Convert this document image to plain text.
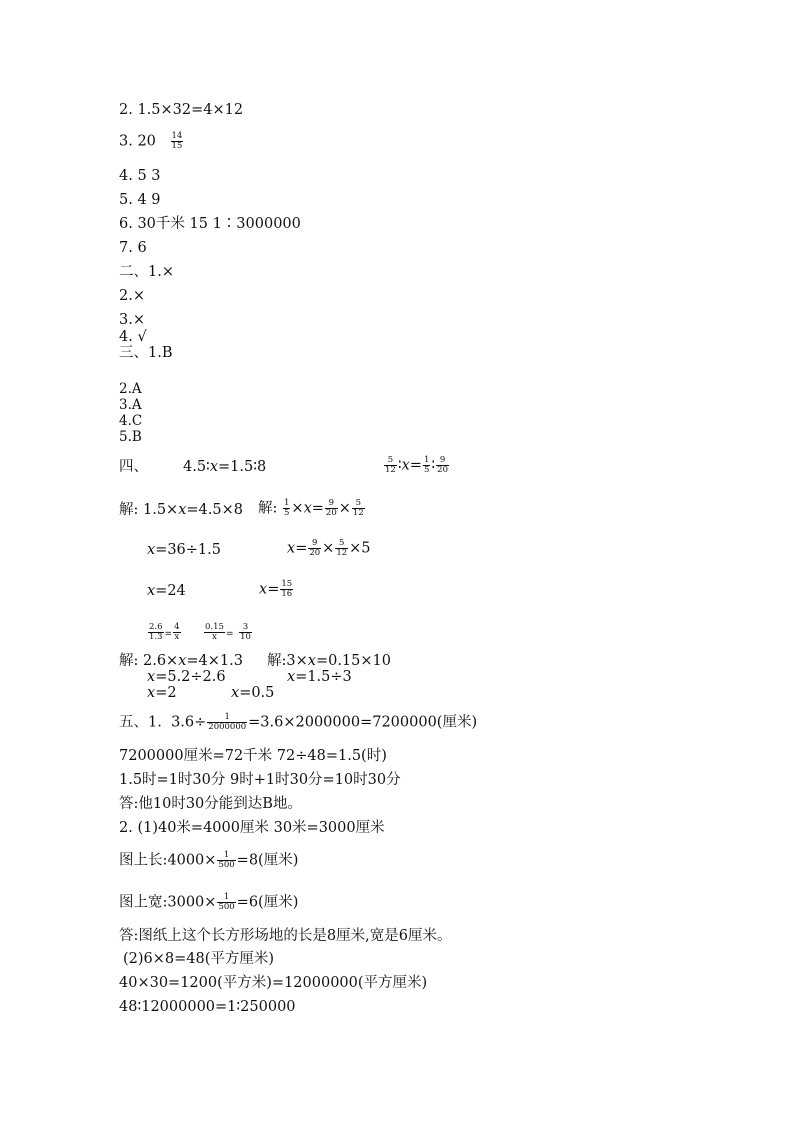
2. 1.5×32=4×12
3. $20 \frac{14}{15}$
4. 5 3
5. 4 9
6. 30千米 15 1∶3000000
7. 6
二、1.×
2.×
3.×
4. √
三、1.B
2.A
3.A
4.C
5.B
四、 4.5∶x=1.5∶8	$\frac{5}{12}$ ∶x= $\frac{1}{5}$ ∶ $\frac{9}{20}$
解: 1.5×x=4.5×8 解: $\frac{1}{5} \times x= \frac{9}{20} \times \frac{5}{12}$
x=36÷1.5	$x= \frac{9}{20} \times \frac{5}{12} \times 5$
x=24	$x= \frac{15}{16}$
$\frac{2.6}{1.3} = \frac{4}{x}$	$\frac{0.15}{x} = \frac{3}{10}$
解: 2.6×x=4×1.3 解:3×x=0.15×10
x=5.2÷2.6	x=1.5÷3
x=2	x=0.5
五、1. $3.6\div \frac{1}{2000000} =3.6\times 2000000=7200000$(厘米)
7200000厘米=72千米 72÷48=1.5(时)
1.5时=1时30分 9时+1时30分=10时30分
答:他10时30分能到达B地。
2. (1)40米=4000厘米 30米=3000厘米
图上长:4000× $\frac{1}{500} =8$(厘米)
图上宽:3000× $\frac{1}{500} =6$(厘米)
答:图纸上这个长方形场地的长是8厘米,宽是6厘米。
(2)6×8=48(平方厘米)
40×30=1200(平方米)=12000000(平方厘米)
48∶12000000=1∶250000
